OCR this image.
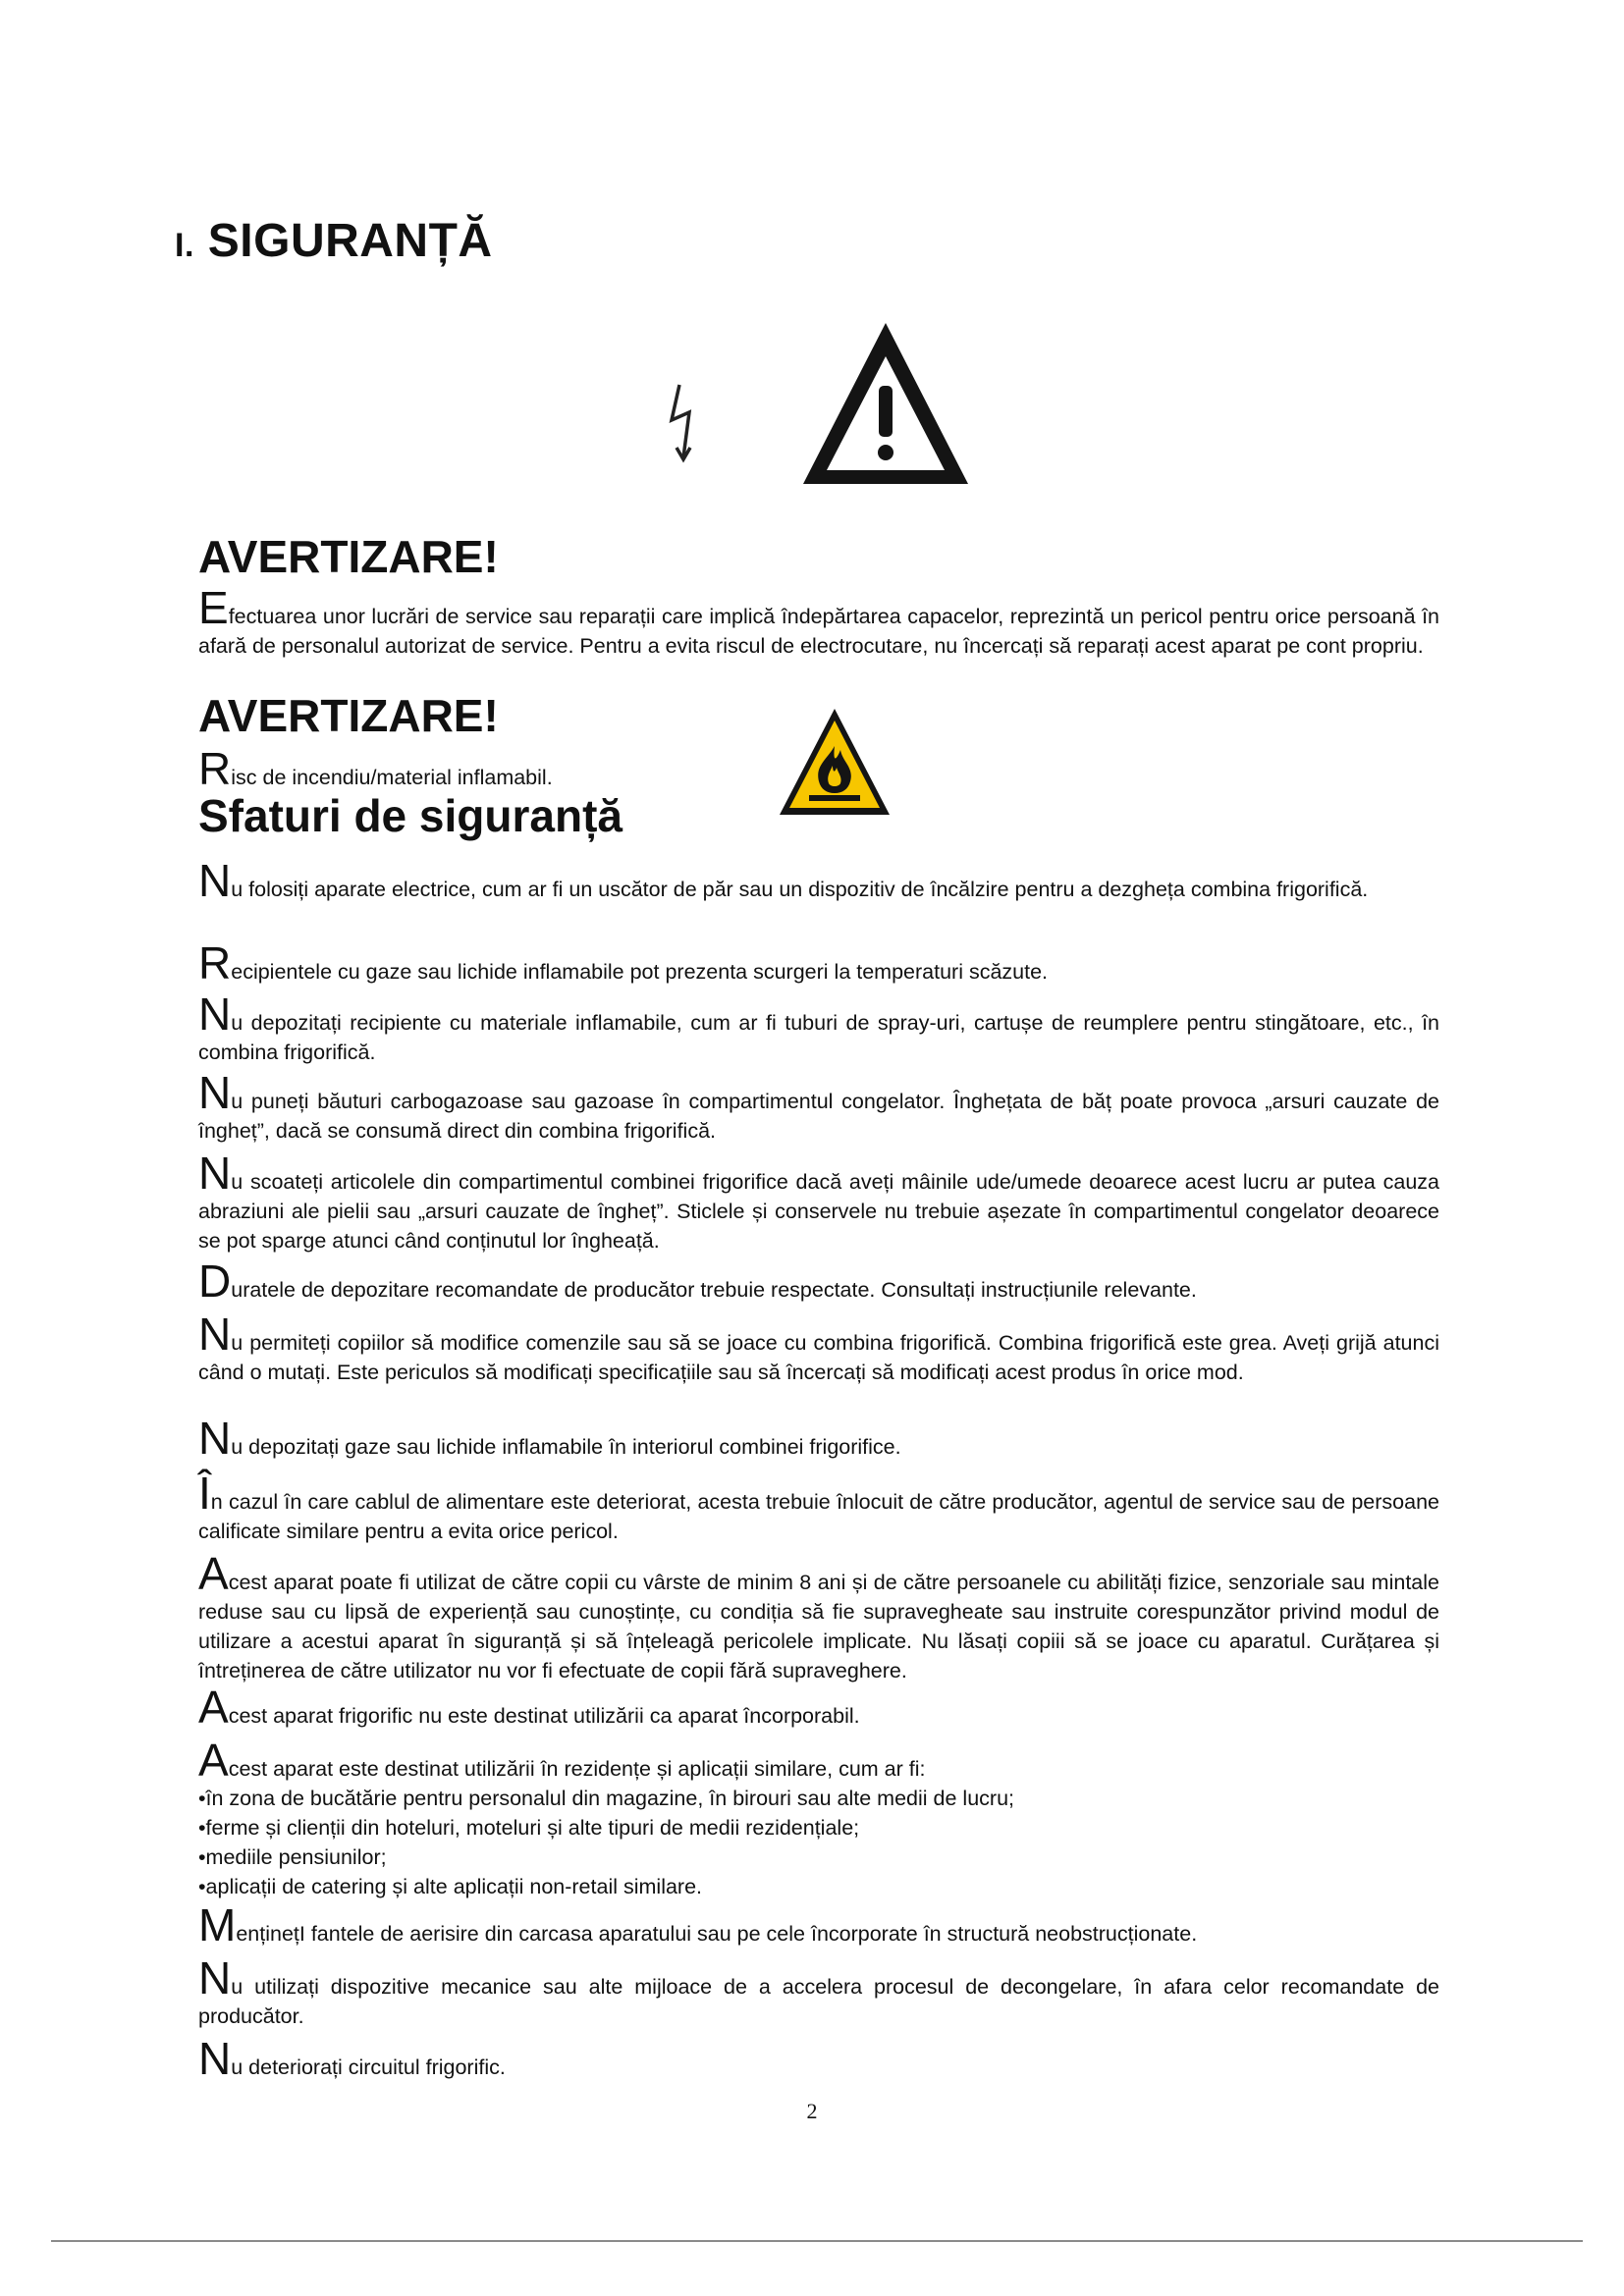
I. SIGURANȚĂ
AVERTIZARE!

Efectuarea unor lucrări de service sau reparații care implică îndepărtarea capacelor, reprezintă un pericol pentru orice persoană în afară de personalul autorizat de service. Pentru a evita riscul de electrocutare, nu încercați să reparați acest aparat pe cont propriu.

AVERTIZARE!

Risc de incendiu/material inflamabil.

Sfaturi de siguranță

Nu folosiți aparate electrice, cum ar fi un uscător de păr sau un dispozitiv de încălzire pentru a dezgheța combina frigorifică.

Recipientele cu gaze sau lichide inflamabile pot prezenta scurgeri la temperaturi scăzute.

Nu depozitați recipiente cu materiale inflamabile, cum ar fi tuburi de spray-uri, cartușe de reumplere pentru stingătoare, etc., în combina frigorifică.

Nu puneți băuturi carbogazoase sau gazoase în compartimentul congelator. Înghețata de băț poate provoca „arsuri cauzate de îngheț”, dacă se consumă direct din combina frigorifică.

Nu scoateți articolele din compartimentul combinei frigorifice dacă aveți mâinile ude/umede deoarece acest lucru ar putea cauza abraziuni ale pielii sau „arsuri cauzate de îngheț”. Sticlele și conservele nu trebuie așezate în compartimentul congelator deoarece se pot sparge atunci când conținutul lor îngheață.

Duratele de depozitare recomandate de producător trebuie respectate. Consultați instrucțiunile relevante.

Nu permiteți copiilor să modifice comenzile sau să se joace cu combina frigorifică. Combina frigorifică este grea. Aveți grijă atunci când o mutați. Este periculos să modificați specificațiile sau să încercați să modificați acest produs în orice mod.

Nu depozitați gaze sau lichide inflamabile în interiorul combinei frigorifice.

În cazul în care cablul de alimentare este deteriorat, acesta trebuie înlocuit de către producător, agentul de service sau de persoane calificate similare pentru a evita orice pericol.

Acest aparat poate fi utilizat de către copii cu vârste de minim 8 ani și de către persoanele cu abilități fizice, senzoriale sau mintale reduse sau cu lipsă de experiență sau cunoștințe, cu condiția să fie supravegheate sau instruite corespunzător privind modul de utilizare a acestui aparat în siguranță și să înțeleagă pericolele implicate. Nu lăsați copiii să se joace cu aparatul. Curățarea și întreținerea de către utilizator nu vor fi efectuate de copii fără supraveghere.

Acest aparat frigorific nu este destinat utilizării ca aparat încorporabil.

Acest aparat este destinat utilizării în rezidențe și aplicații similare, cum ar fi:
• în zona de bucătărie pentru personalul din magazine, în birouri sau alte medii de lucru;
• ferme și clienții din hoteluri, moteluri și alte tipuri de medii rezidențiale;
• mediile pensiunilor;
• aplicații de catering și alte aplicații non-retail similare.

MenținețI fantele de aerisire din carcasa aparatului sau pe cele încorporate în structură neobstrucționate.

Nu utilizați dispozitive mecanice sau alte mijloace de a accelera procesul de decongelare, în afara celor recomandate de producător.

Nu deteriorați circuitul frigorific.

2
